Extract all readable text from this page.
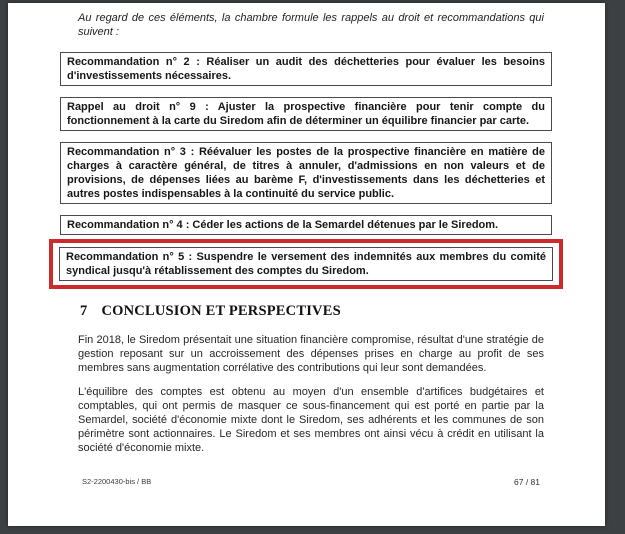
Au regard de ces éléments, la chambre formule les rappels au droit et recommandations qui suivent :

Recommandation n° 2 : Réaliser un audit des déchetteries pour évaluer les besoins d'investissements nécessaires.
Rappel au droit n° 9 : Ajuster la prospective financière pour tenir compte du fonctionnement à la carte du Siredom afin de déterminer un équilibre financier par carte.
Recommandation n° 3 : Réévaluer les postes de la prospective financière en matière de charges à caractère général, de titres à annuler, d'admissions en non valeurs et de provisions, de dépenses liées au barème F, d'investissements dans les déchetteries et autres postes indispensables à la continuité du service public.
Recommandation n° 4 : Céder les actions de la Semardel détenues par le Siredom.
Recommandation n° 5 : Suspendre le versement des indemnités aux membres du comité syndical jusqu'à rétablissement des comptes du Siredom.
7 CONCLUSION ET PERSPECTIVES

Fin 2018, le Siredom présentait une situation financière compromise, résultat d'une stratégie de gestion reposant sur un accroissement des dépenses prises en charge au profit de ses membres sans augmentation corrélative des contributions qui leur sont demandées.

L'équilibre des comptes est obtenu au moyen d'un ensemble d'artifices budgétaires et comptables, qui ont permis de masquer ce sous-financement qui est porté en partie par la Semardel, société d'économie mixte dont le Siredom, ses adhérents et les communes de son périmètre sont actionnaires. Le Siredom et ses membres ont ainsi vécu à crédit en utilisant la société d'économie mixte.

S2-2200430-bis / BB	67 / 81
